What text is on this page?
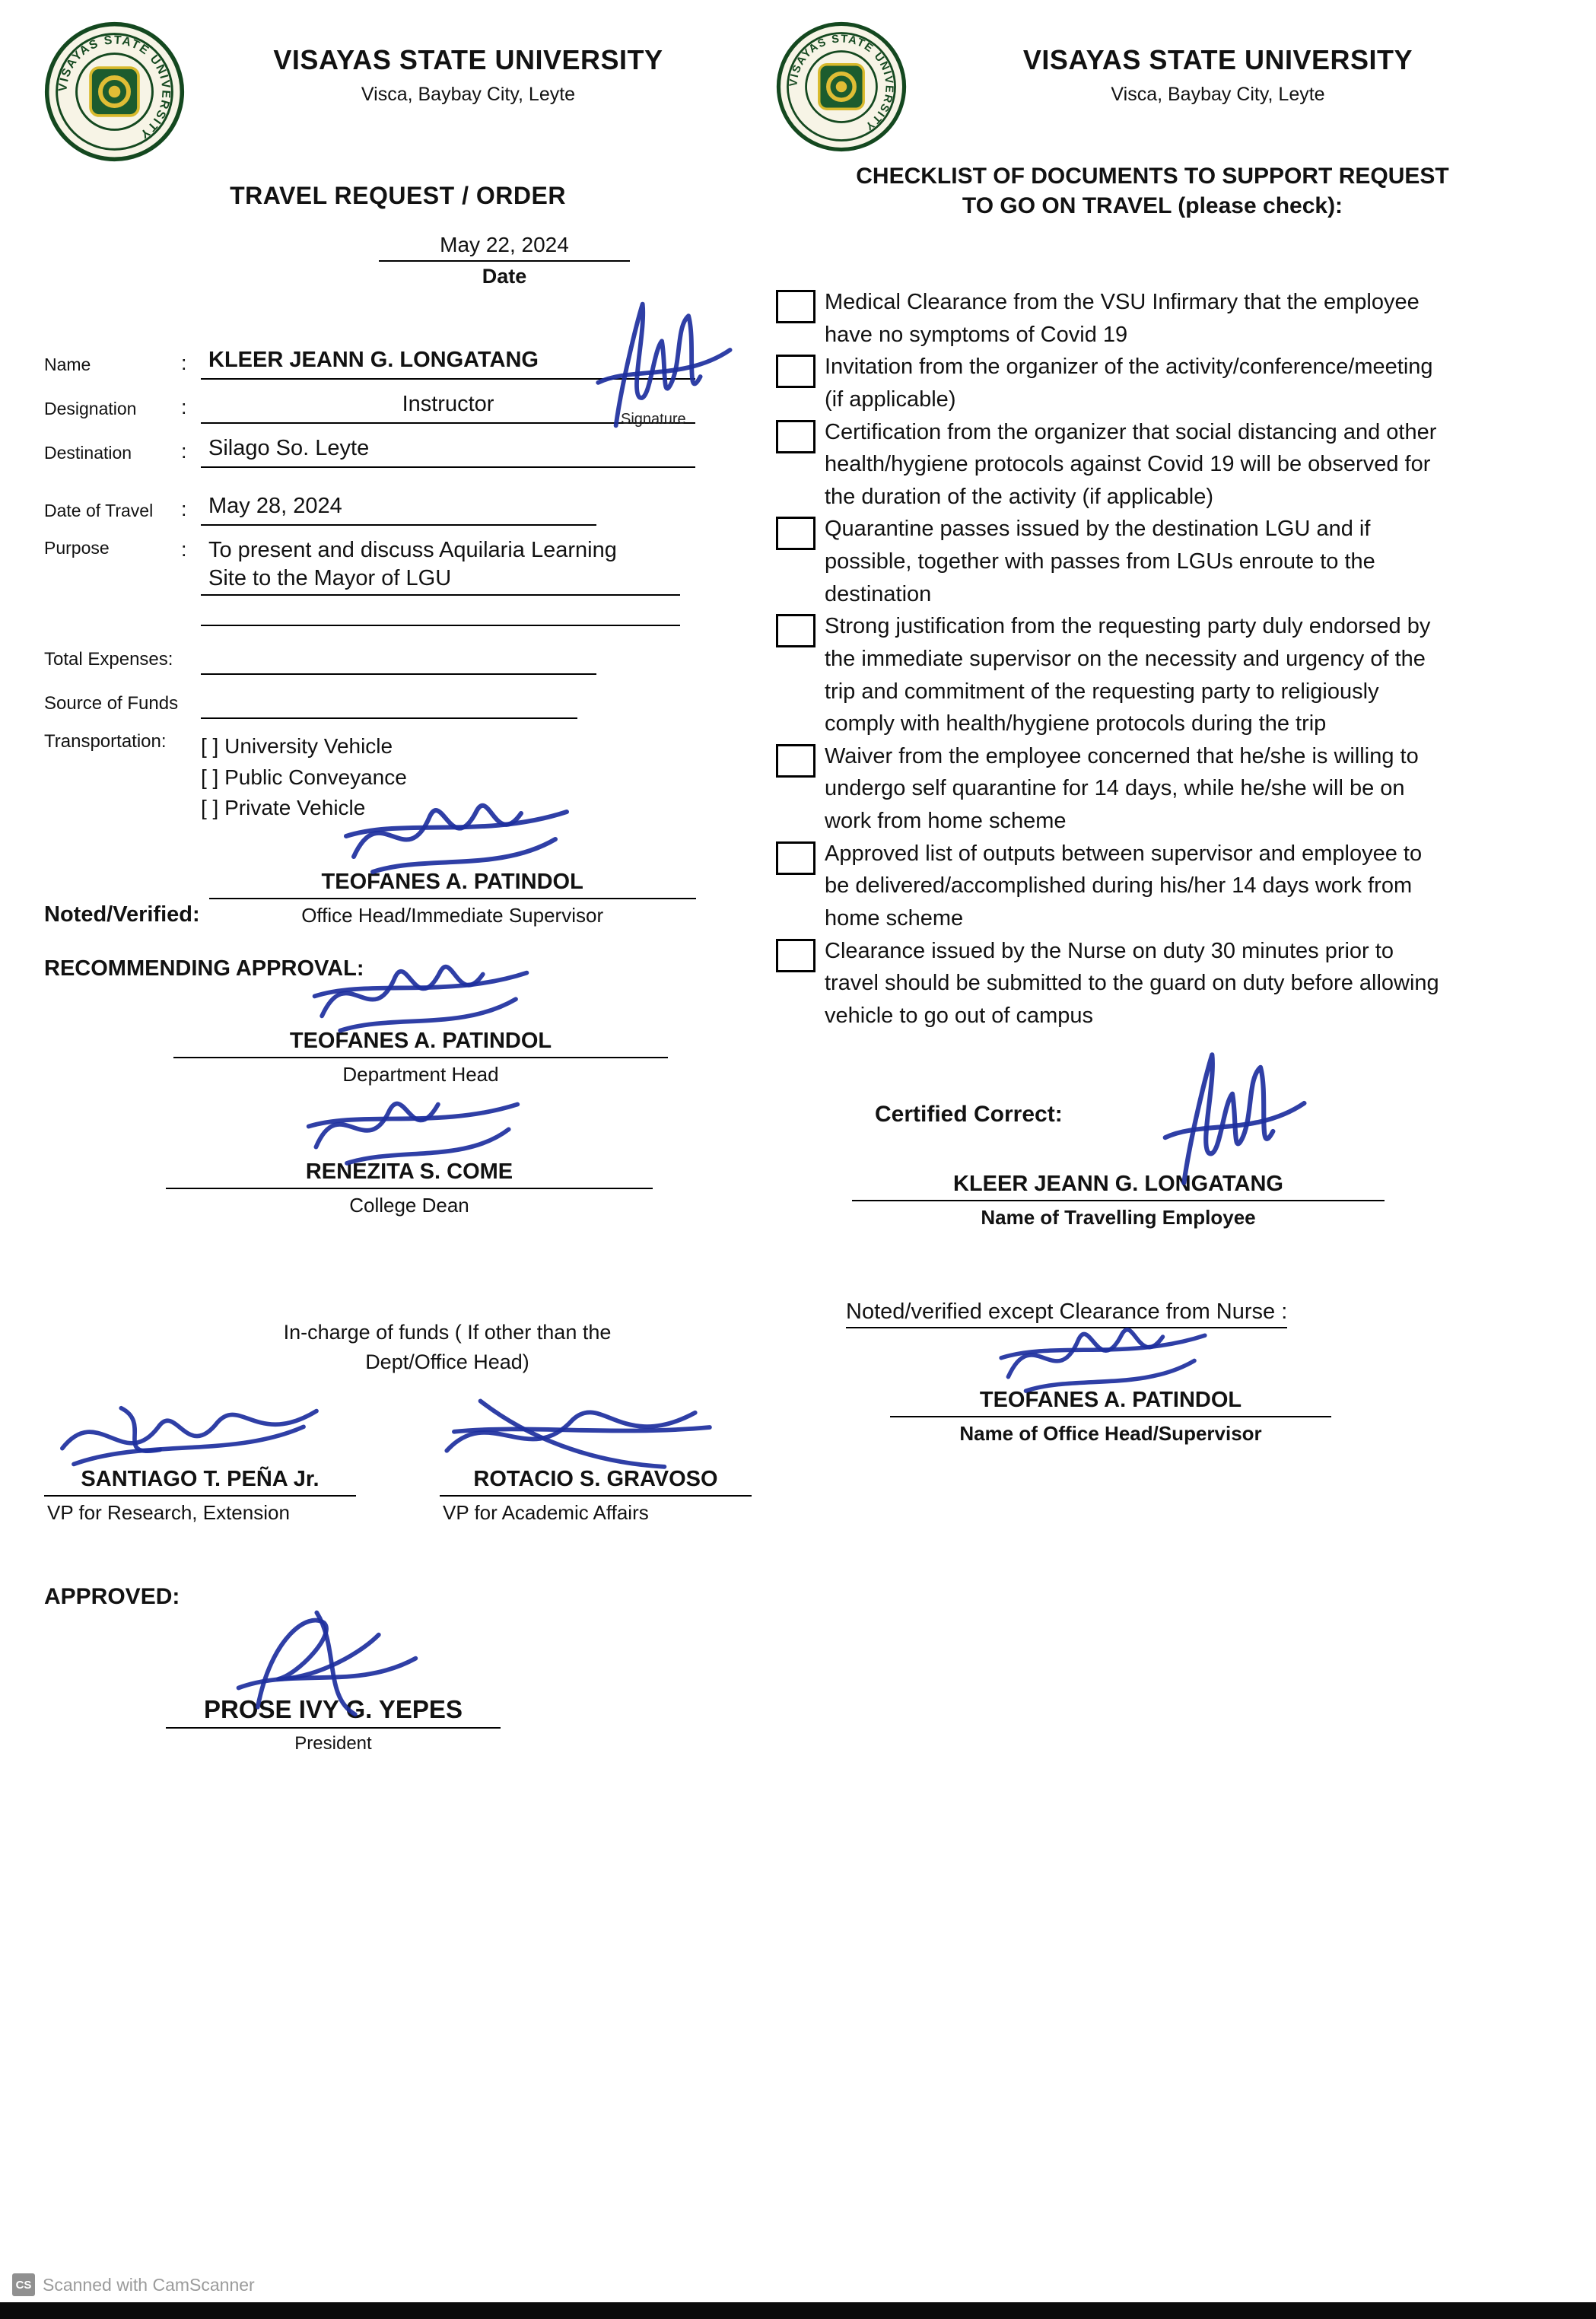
VISAYAS STATE UNIVERSITY
VISAYAS STATE UNIVERSITY
Visca, Baybay City, Leyte
TRAVEL REQUEST / ORDER
May 22, 2024
Date
Name	: KLEER JEANN G. LONGATANG
Designation	:	Instructor
Destination	: Silago So. Leyte
Date of Travel	: May 28, 2024
Purpose	: To present and discuss Aquilaria Learning
Site to the Mayor of LGU
Total Expenses:
Source of Funds
Transportation:	[ ] University Vehicle
[ ] Public Conveyance
[ ] Private Vehicle
Signature
Noted/Verified:
TEOFANES A. PATINDOL
Office Head/Immediate Supervisor
RECOMMENDING APPROVAL:
TEOFANES A. PATINDOL
Department Head
RENEZITA S. COME
College Dean
In-charge of funds ( If other than the
Dept/Office Head)
SANTIAGO T. PEÑA Jr.
VP for Research, Extension
ROTACIO S. GRAVOSO
VP for Academic Affairs
APPROVED:
PROSE IVY G. YEPES
President
VISAYAS STATE UNIVERSITY
VISAYAS STATE UNIVERSITY
Visca, Baybay City, Leyte
CHECKLIST OF DOCUMENTS TO SUPPORT REQUEST
TO GO ON TRAVEL (please check):
Medical Clearance from the VSU Infirmary that the employee have no symptoms of Covid 19
Invitation from the organizer of the activity/conference/meeting (if applicable)
Certification from the organizer that social distancing and other health/hygiene protocols against Covid 19 will be observed for the duration of the activity (if applicable)
Quarantine passes issued by the destination LGU and if possible, together with passes from LGUs enroute to the destination
Strong justification from the requesting party duly endorsed by the immediate supervisor on the necessity and urgency of the trip and commitment of the requesting party to religiously comply with health/hygiene protocols during the trip
Waiver from the employee concerned that he/she is willing to undergo self quarantine for 14 days, while he/she will be on work from home scheme
Approved list of outputs between supervisor and employee to be delivered/accomplished during his/her 14 days work from home scheme
Clearance issued by the Nurse on duty 30 minutes prior to travel should be submitted to the guard on duty before allowing vehicle to go out of campus
Certified Correct:
KLEER JEANN G. LONGATANG
Name of Travelling Employee
Noted/verified except Clearance from Nurse :
TEOFANES A. PATINDOL
Name of Office Head/Supervisor
CS Scanned with CamScanner
